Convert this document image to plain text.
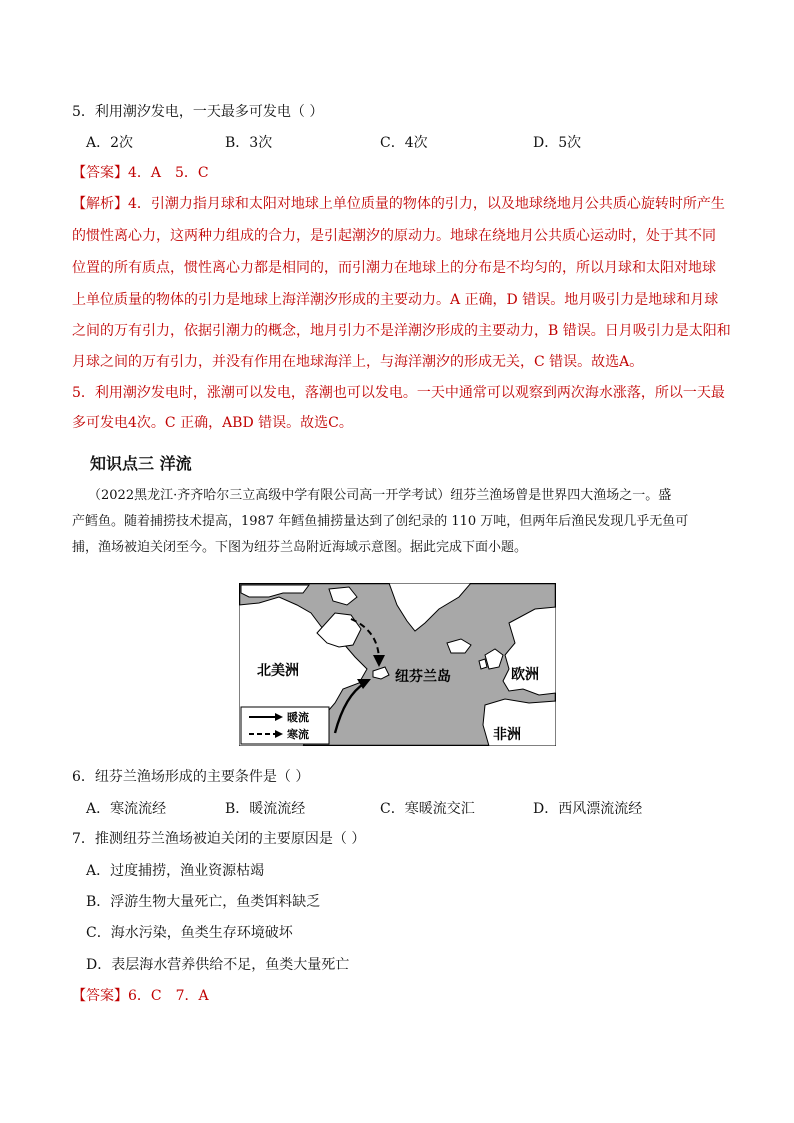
5．利用潮汐发电，一天最多可发电（ ）
A．2次	B．3次	C．4次	D．5次
【答案】4．A　5．C
【解析】4．引潮力指月球和太阳对地球上单位质量的物体的引力，以及地球绕地月公共质心旋转时所产生
的惯性离心力，这两种力组成的合力，是引起潮汐的原动力。地球在绕地月公共质心运动时，处于其不同
位置的所有质点，惯性离心力都是相同的，而引潮力在地球上的分布是不均匀的，所以月球和太阳对地球
上单位质量的物体的引力是地球上海洋潮汐形成的主要动力。A 正确，D 错误。地月吸引力是地球和月球
之间的万有引力，依据引潮力的概念，地月引力不是洋潮汐形成的主要动力，B 错误。日月吸引力是太阳和
月球之间的万有引力，并没有作用在地球海洋上，与海洋潮汐的形成无关，C 错误。故选A。
5．利用潮汐发电时，涨潮可以发电，落潮也可以发电。一天中通常可以观察到两次海水涨落，所以一天最
多可发电4次。C 正确，ABD 错误。故选C。
知识点三 洋流
（2022黑龙江·齐齐哈尔三立高级中学有限公司高一开学考试）纽芬兰渔场曾是世界四大渔场之一。盛
产鳕鱼。随着捕捞技术提高，1987 年鳕鱼捕捞量达到了创纪录的 110 万吨，但两年后渔民发现几乎无鱼可
捕，渔场被迫关闭至今。下图为纽芬兰岛附近海域示意图。据此完成下面小题。
北美洲	纽芬兰岛	欧洲
非洲
暖流
寒流
6．纽芬兰渔场形成的主要条件是（ ）
A．寒流流经	B．暖流流经	C．寒暖流交汇	D．西风漂流流经
7．推测纽芬兰渔场被迫关闭的主要原因是（ ）
A．过度捕捞，渔业资源枯竭
B．浮游生物大量死亡，鱼类饵料缺乏
C．海水污染，鱼类生存环境破坏
D．表层海水营养供给不足，鱼类大量死亡
【答案】6．C　7．A
